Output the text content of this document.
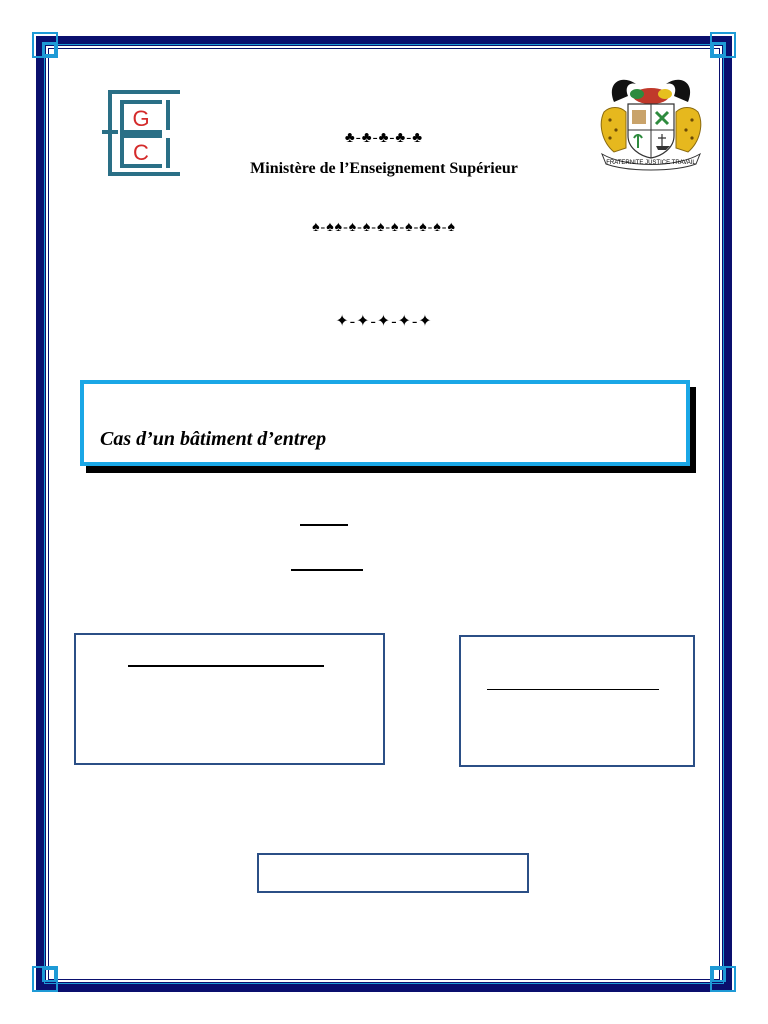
G
C	FRATERNITE JUSTICE TRAVAIL
♣-♣-♣-♣-♣
Ministère de l’Enseignement Supérieur
♠-♠♠-♠-♠-♠-♠-♠-♠-♠-♠
✦-✦-✦-✦-✦
Cas d’un bâtiment d’entrep
